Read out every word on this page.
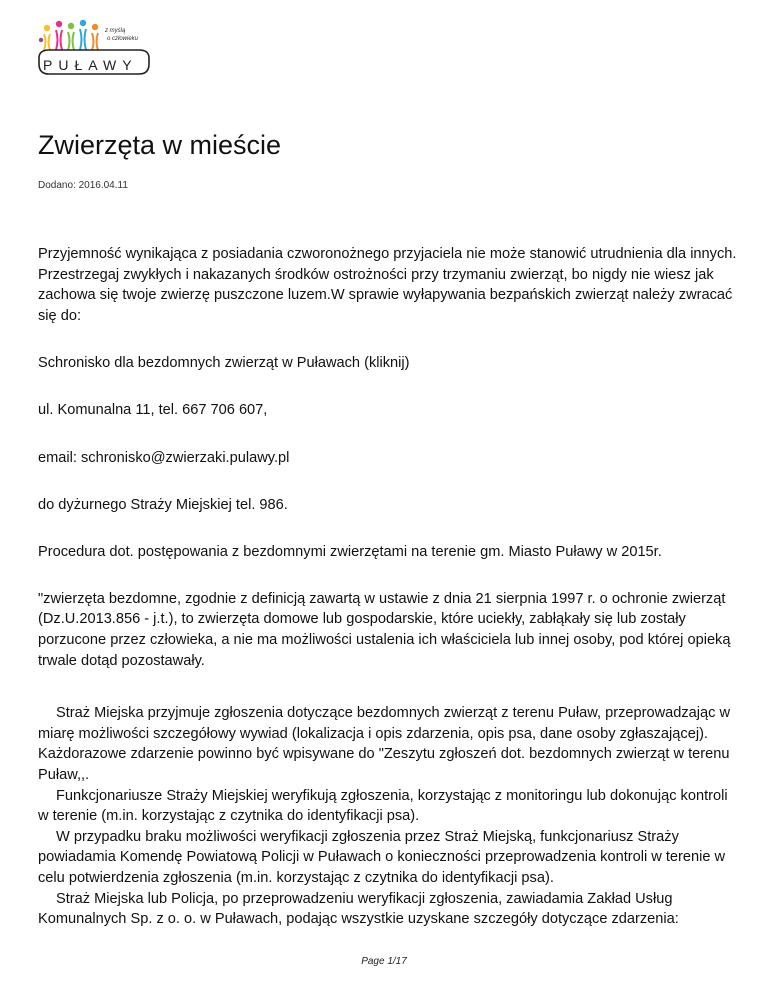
PUŁAWY
z myślą
o człowieku
Zwierzęta w mieście
Dodano: 2016.04.11

Przyjemność wynikająca z posiadania czworonożnego przyjaciela nie może stanowić utrudnienia dla innych. Przestrzegaj zwykłych i nakazanych środków ostrożności przy trzymaniu zwierząt, bo nigdy nie wiesz jak zachowa się twoje zwierzę puszczone luzem.W sprawie wyłapywania bezpańskich zwierząt należy zwracać się do:

Schronisko dla bezdomnych zwierząt w Puławach (kliknij)

ul. Komunalna 11, tel. 667 706 607,

email: schronisko@zwierzaki.pulawy.pl

do dyżurnego Straży Miejskiej tel. 986.

Procedura dot. postępowania z bezdomnymi zwierzętami na terenie gm. Miasto Puławy w 2015r.

"zwierzęta bezdomne, zgodnie z definicją zawartą w ustawie z dnia 21 sierpnia 1997 r. o ochronie zwierząt (Dz.U.2013.856 - j.t.), to zwierzęta domowe lub gospodarskie, które uciekły, zabłąkały się lub zostały porzucone przez człowieka, a nie ma możliwości ustalenia ich właściciela lub innej osoby, pod której opieką trwale dotąd pozostawały.

Straż Miejska przyjmuje zgłoszenia dotyczące bezdomnych zwierząt z terenu Puław, przeprowadzając w miarę możliwości szczegółowy wywiad (lokalizacja i opis zdarzenia, opis psa, dane osoby zgłaszającej). Każdorazowe zdarzenie powinno być wpisywane do "Zeszytu zgłoszeń dot. bezdomnych zwierząt w terenu Puław,,.

Funkcjonariusze Straży Miejskiej weryfikują zgłoszenia, korzystając z monitoringu lub dokonując kontroli w terenie (m.in. korzystając z czytnika do identyfikacji psa).

W przypadku braku możliwości weryfikacji zgłoszenia przez Straż Miejską, funkcjonariusz Straży powiadamia Komendę Powiatową Policji w Puławach o konieczności przeprowadzenia kontroli w terenie w celu potwierdzenia zgłoszenia (m.in. korzystając z czytnika do identyfikacji psa).

Straż Miejska lub Policja, po przeprowadzeniu weryfikacji zgłoszenia, zawiadamia Zakład Usług Komunalnych Sp. z o. o. w Puławach, podając wszystkie uzyskane szczegóły dotyczące zdarzenia:

Page 1/17
